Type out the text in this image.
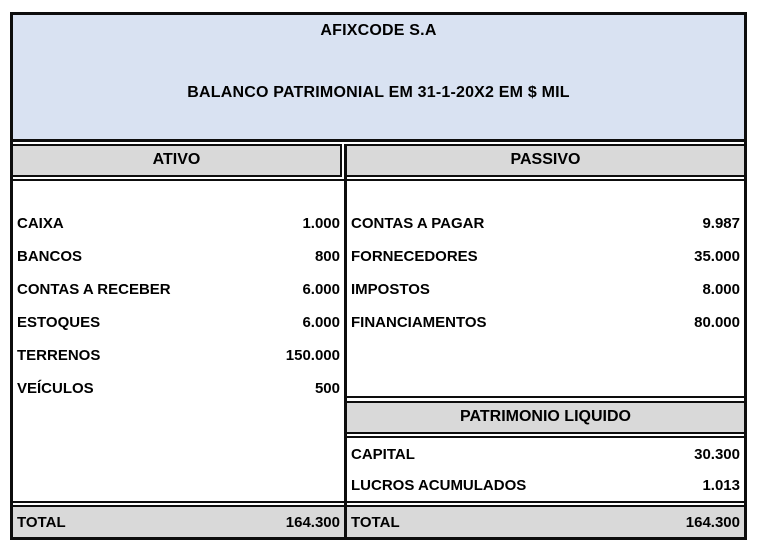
AFIXCODE S.A
BALANCO PATRIMONIAL EM 31-1-20X2 EM $ MIL
ATIVO	PASSIVO
CAIXA	1.000
BANCOS	800
CONTAS A RECEBER	6.000
ESTOQUES	6.000
TERRENOS	150.000
VEÍCULOS	500
CONTAS A PAGAR	9.987
FORNECEDORES	35.000
IMPOSTOS	8.000
FINANCIAMENTOS	80.000
PATRIMONIO LIQUIDO
CAPITAL	30.300
LUCROS ACUMULADOS	1.013
TOTAL	164.300 TOTAL	164.300
